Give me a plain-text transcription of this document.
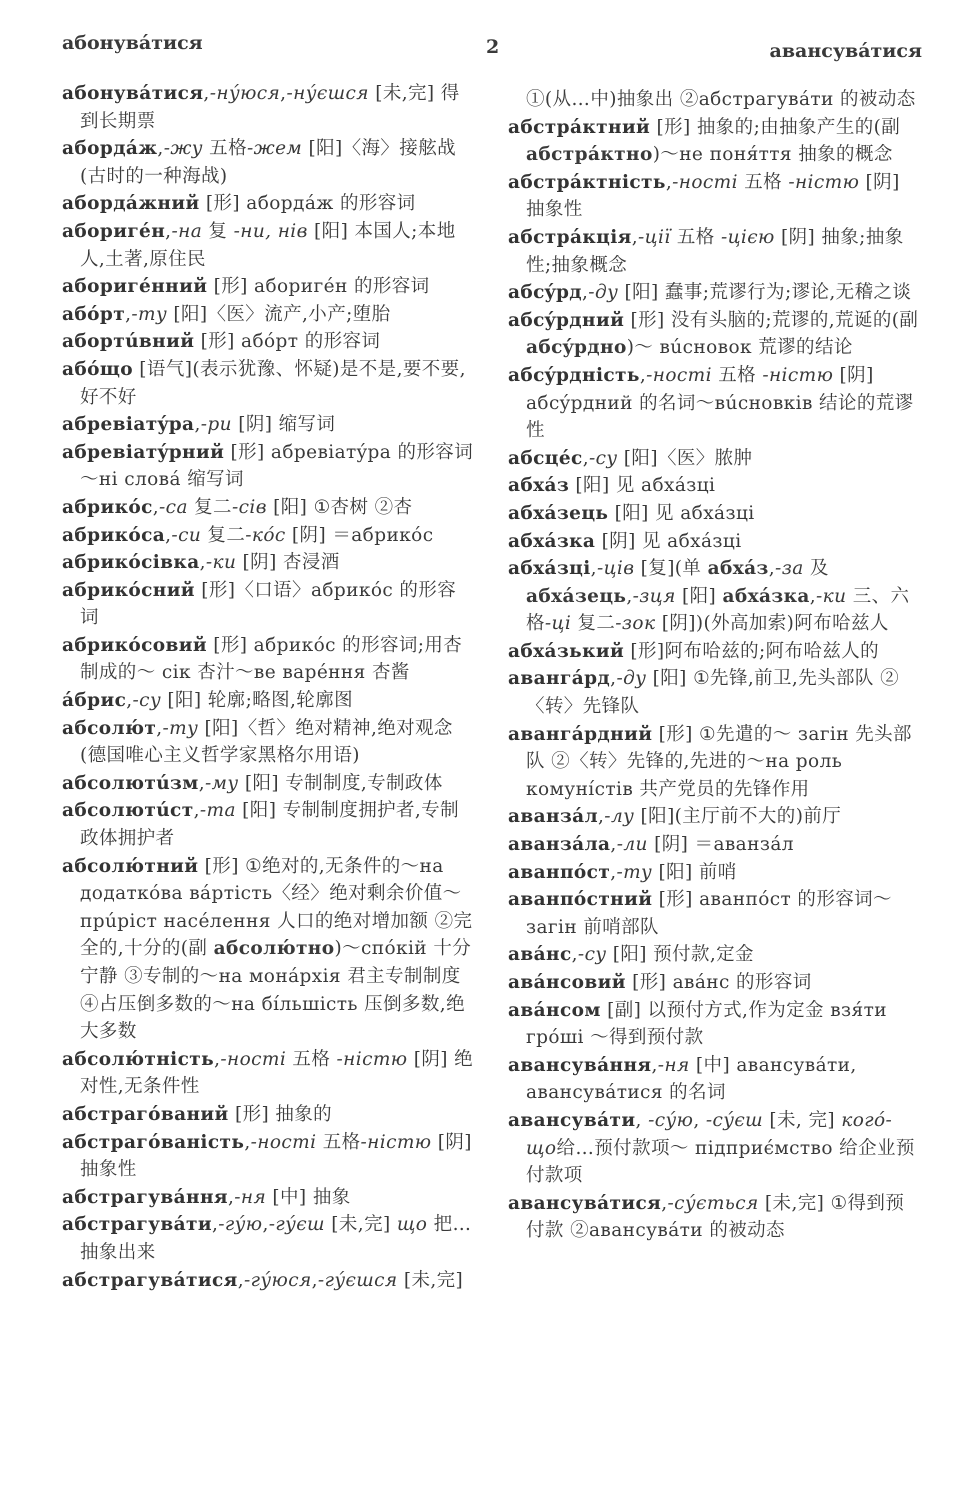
абонува́тися	2	авансува́тися

абонува́тися,-ну́юся,-ну́єшся [未,完] 得到长期票

абордáж,-жу 五格-жем [阳]〈海〉接舷战(古时的一种海战)

абордáжний [形] абордáж 的形容词

абориге́н,-на 复 -ни, нів [阳] 本国人;本地人,土著,原住民

абориге́нний [形] абориге́н 的形容词

абóрт,-ту [阳]〈医〉流产,小产;堕胎

абортúвний [形] абóрт 的形容词

абóщо [语气](表示犹豫、怀疑)是不是,要不要,好不好

абревіатýра,-ри [阴] 缩写词

абревіатýрний [形] абревіатýра 的形容词～ні словá 缩写词

абрикóс,-са 复二-сів [阳] ①杏树 ②杏

абрикóса,-си 复二-кóс [阴] ＝абрикóс

абрикóсівка,-ки [阴] 杏浸酒

абрикóсний [形]〈口语〉абрикóс 的形容词

абрикóсовий [形] абрикóс 的形容词;用杏制成的～ сік 杏汁～ве варе́ння 杏酱

áбрис,-су [阳] 轮廓;略图,轮廓图

абсолю́т,-ту [阳]〈哲〉绝对精神,绝对观念(德国唯心主义哲学家黑格尔用语)

абсолютúзм,-му [阳] 专制制度,专制政体

абсолютúст,-та [阳] 专制制度拥护者,专制政体拥护者

абсолю́тний [形] ①绝对的,无条件的～на додаткóва вáртість〈经〉绝对剩余价值～ прúріст насе́лення 人口的绝对增加额 ②完全的,十分的(副 абсолю́тно)～спóкій 十分宁静 ③专制的～на монáрхія 君主专制制度 ④占压倒多数的～на бíльшість 压倒多数,绝大多数

абсолю́тність,-ності 五格 -ністю [阴] 绝对性,无条件性

абстрагóваний [形] 抽象的

абстрагóваність,-ності 五格-ністю [阴] 抽象性

абстрагувáння,-ня [中] 抽象

абстрагувáти,-гу́ю,-гу́єш [未,完] що 把…抽象出来

абстрагувáтися,-гу́юся,-гу́єшся [未,完]

①(从…中)抽象出 ②абстрагувáти 的被动态

абстрáктний [形] 抽象的;由抽象产生的(副 абстрáктно)～не поня́ття 抽象的概念

абстрáктність,-ності 五格 -ністю [阴] 抽象性

абстрáкція,-ції 五格 -цією [阴] 抽象;抽象性;抽象概念

абсýрд,-ду [阳] 蠢事;荒谬行为;谬论,无稽之谈

абсýрдний [形] 没有头脑的;荒谬的,荒诞的(副 абсýрдно)～ вúсновок 荒谬的结论

абсýрдність,-ності 五格 -ністю [阴] абсýрдний 的名词～вúсновків 结论的荒谬性

абсце́с,-су [阳]〈医〉脓肿

абхáз [阳] 见 абхáзці

абхáзець [阳] 见 абхáзці

абхáзка [阴] 见 абхáзці

абхáзці,-ців [复](单 абхáз,-за 及 абхáзець,-зця [阳] абхáзка,-ки 三、六格-ці 复二-зок [阴])(外高加索)阿布哈兹人

абхáзький [形]阿布哈兹的;阿布哈兹人的

авангáрд,-ду [阳] ①先锋,前卫,先头部队 ②〈转〉先锋队

авангáрдний [形] ①先遣的～ загін 先头部队 ②〈转〉先锋的,先进的～на роль комунíстів 共产党员的先锋作用

аванзáл,-лу [阳](主厅前不大的)前厅

аванзáла,-ли [阴] ＝аванзáл

аванпóст,-ту [阳] 前哨

аванпóстний [形] аванпóст 的形容词～ загін 前哨部队

авáнс,-су [阳] 预付款,定金

авáнсовий [形] авáнс 的形容词

авáнсом [副] 以预付方式,作为定金 взя́ти грóші ～得到预付款

авансувáння,-ня [中] авансувáти, авансувáтися 的名词

авансувáти, -су́ю, -су́єш [未, 完] когó-що给…预付款项～ підприє́мство 给企业预付款项

авансувáтися,-су́ється [未,完] ①得到预付款 ②авансувáти 的被动态
